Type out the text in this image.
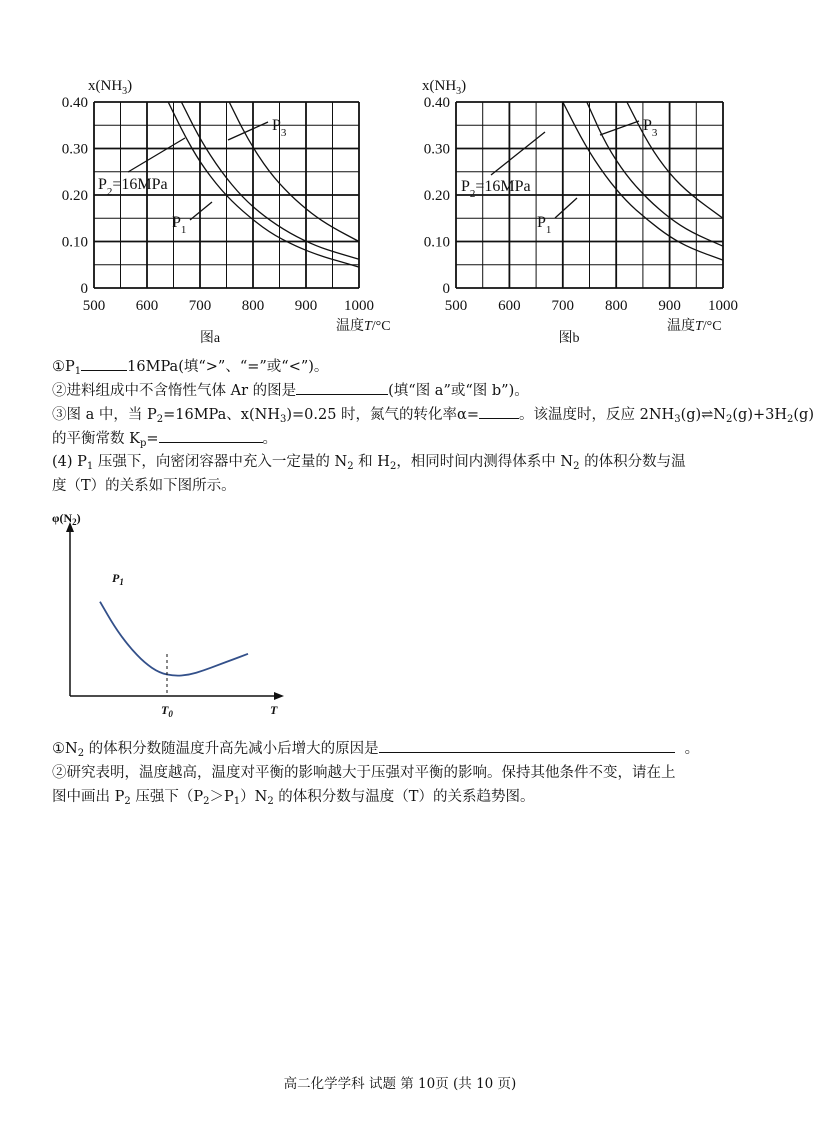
500 600 700 800 900 1000
0
0.10
0.20
0.30
0.40
$x(NH_3)$
$P_3$
$P_2=16MPa$
$P_1$
温度T/°C
图a
500 600 700 800 900 1000
0
0.10
0.20
0.30
0.40
$x(NH_3)$
$P_3$
$P_2=16MPa$
$P_1$
温度T/°C
图b
$①P_1$	16MPa(填“>”、“=”或“<”)。
②进料组成中不含惰性气体 Ar 的图是	(填“图 a”或“图 b”)。
③图 a 中，当 $P_2=16MPa$、$x(NH_3)=0.25$ 时，氮气的转化率α=	。该温度时，反应 $2NH_3(g)\rightleftharpoons N_2(g)+3H_2(g)$
的平衡常数 $K_p=$	。
(4) $P_1$ 压强下，向密闭容器中充入一定量的 $N_2$ 和 $H_2$，相同时间内测得体系中 $N_2$ 的体积分数与温
度（T）的关系如下图所示。
$\varphi(N_2)$
$T_0$	T
$P_1$
$①N_2$ 的体积分数随温度升高先减小后增大的原因是	。
②研究表明，温度越高，温度对平衡的影响越大于压强对平衡的影响。保持其他条件不变，请在上
图中画出 $P_2$ 压强下$(P_2>P_1)N_2$ 的体积分数与温度（T）的关系趋势图。
高二化学学科 试题 第 10页 (共 10 页)
